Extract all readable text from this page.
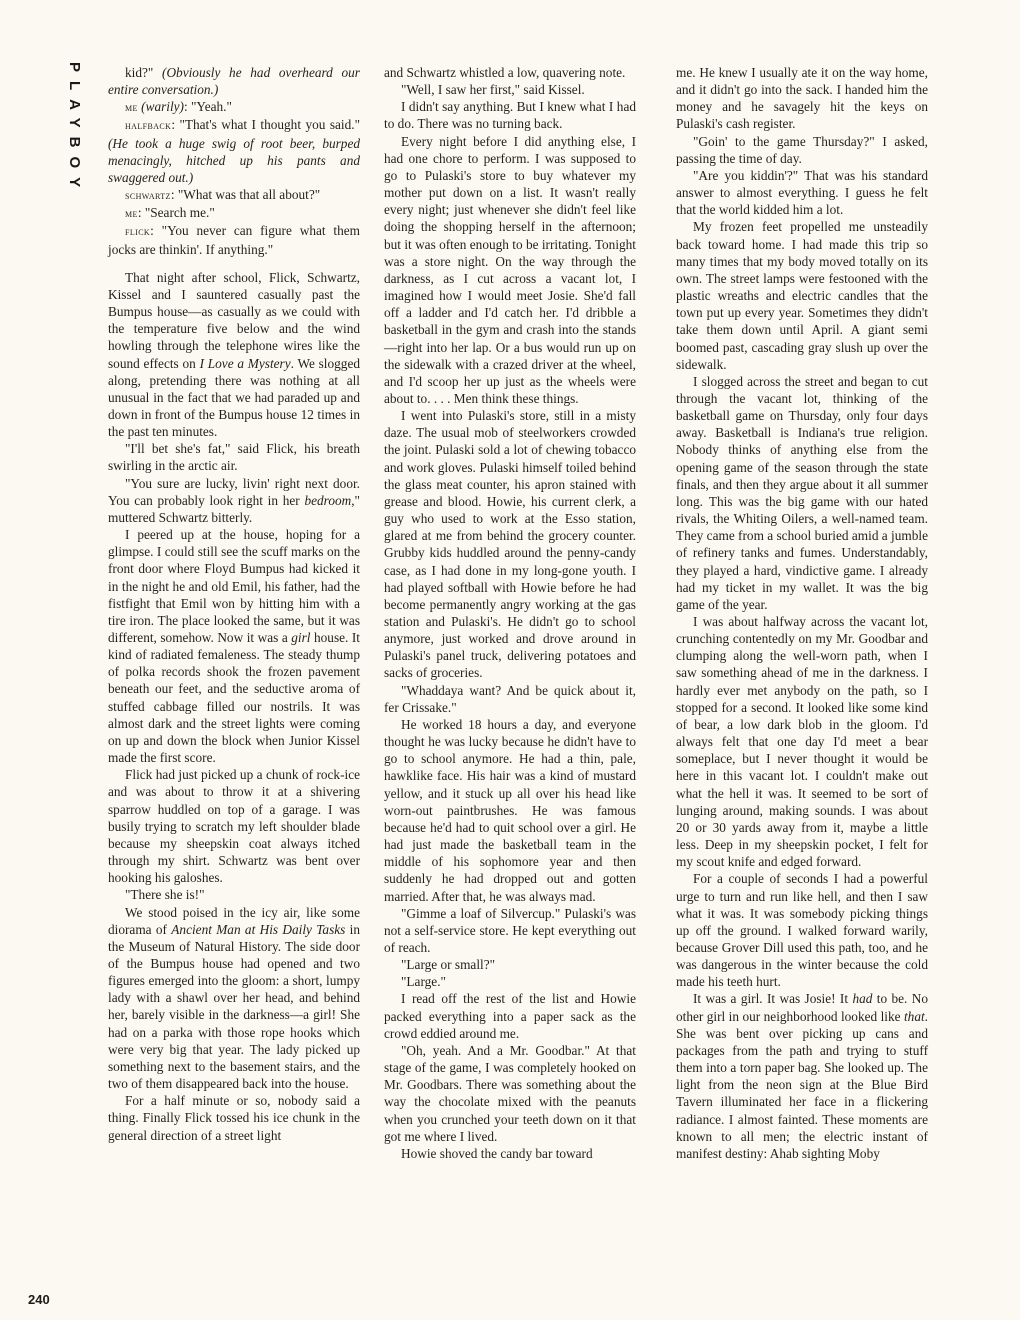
PLAYBOY
240

kid?" (Obviously he had overheard our entire conversation.)

me (warily): "Yeah."

halfback: "That's what I thought you said." (He took a huge swig of root beer, burped menacingly, hitched up his pants and swaggered out.)

schwartz: "What was that all about?"

me: "Search me."

flick: "You never can figure what them jocks are thinkin'. If anything."

That night after school, Flick, Schwartz, Kissel and I sauntered casually past the Bumpus house—as casually as we could with the temperature five below and the wind howling through the telephone wires like the sound effects on I Love a Mystery. We slogged along, pretending there was nothing at all unusual in the fact that we had paraded up and down in front of the Bumpus house 12 times in the past ten minutes.

"I'll bet she's fat," said Flick, his breath swirling in the arctic air.

"You sure are lucky, livin' right next door. You can probably look right in her bedroom," muttered Schwartz bitterly.

I peered up at the house, hoping for a glimpse. I could still see the scuff marks on the front door where Floyd Bumpus had kicked it in the night he and old Emil, his father, had the fistfight that Emil won by hitting him with a tire iron. The place looked the same, but it was different, somehow. Now it was a girl house. It kind of radiated femaleness. The steady thump of polka records shook the frozen pavement beneath our feet, and the seductive aroma of stuffed cabbage filled our nostrils. It was almost dark and the street lights were coming on up and down the block when Junior Kissel made the first score.

Flick had just picked up a chunk of rock-ice and was about to throw it at a shivering sparrow huddled on top of a garage. I was busily trying to scratch my left shoulder blade because my sheepskin coat always itched through my shirt. Schwartz was bent over hooking his galoshes.

"There she is!"

We stood poised in the icy air, like some diorama of Ancient Man at His Daily Tasks in the Museum of Natural History. The side door of the Bumpus house had opened and two figures emerged into the gloom: a short, lumpy lady with a shawl over her head, and behind her, barely visible in the darkness—a girl! She had on a parka with those rope hooks which were very big that year. The lady picked up something next to the basement stairs, and the two of them disappeared back into the house.

For a half minute or so, nobody said a thing. Finally Flick tossed his ice chunk in the general direction of a street light

and Schwartz whistled a low, quavering note.

"Well, I saw her first," said Kissel.

I didn't say anything. But I knew what I had to do. There was no turning back.

Every night before I did anything else, I had one chore to perform. I was supposed to go to Pulaski's store to buy whatever my mother put down on a list. It wasn't really every night; just whenever she didn't feel like doing the shopping herself in the afternoon; but it was often enough to be irritating. Tonight was a store night. On the way through the darkness, as I cut across a vacant lot, I imagined how I would meet Josie. She'd fall off a ladder and I'd catch her. I'd dribble a basketball in the gym and crash into the stands—right into her lap. Or a bus would run up on the sidewalk with a crazed driver at the wheel, and I'd scoop her up just as the wheels were about to. . . . Men think these things.

I went into Pulaski's store, still in a misty daze. The usual mob of steelworkers crowded the joint. Pulaski sold a lot of chewing tobacco and work gloves. Pulaski himself toiled behind the glass meat counter, his apron stained with grease and blood. Howie, his current clerk, a guy who used to work at the Esso station, glared at me from behind the grocery counter. Grubby kids huddled around the penny-candy case, as I had done in my long-gone youth. I had played softball with Howie before he had become permanently angry working at the gas station and Pulaski's. He didn't go to school anymore, just worked and drove around in Pulaski's panel truck, delivering potatoes and sacks of groceries.

"Whaddaya want? And be quick about it, fer Crissake."

He worked 18 hours a day, and everyone thought he was lucky because he didn't have to go to school anymore. He had a thin, pale, hawklike face. His hair was a kind of mustard yellow, and it stuck up all over his head like worn-out paintbrushes. He was famous because he'd had to quit school over a girl. He had just made the basketball team in the middle of his sophomore year and then suddenly he had dropped out and gotten married. After that, he was always mad.

"Gimme a loaf of Silvercup." Pulaski's was not a self-service store. He kept everything out of reach.

"Large or small?"

"Large."

I read off the rest of the list and Howie packed everything into a paper sack as the crowd eddied around me.

"Oh, yeah. And a Mr. Goodbar." At that stage of the game, I was completely hooked on Mr. Goodbars. There was something about the way the chocolate mixed with the peanuts when you crunched your teeth down on it that got me where I lived.

Howie shoved the candy bar toward

me. He knew I usually ate it on the way home, and it didn't go into the sack. I handed him the money and he savagely hit the keys on Pulaski's cash register.

"Goin' to the game Thursday?" I asked, passing the time of day.

"Are you kiddin'?" That was his standard answer to almost everything. I guess he felt that the world kidded him a lot.

My frozen feet propelled me unsteadily back toward home. I had made this trip so many times that my body moved totally on its own. The street lamps were festooned with the plastic wreaths and electric candles that the town put up every year. Sometimes they didn't take them down until April. A giant semi boomed past, cascading gray slush up over the sidewalk.

I slogged across the street and began to cut through the vacant lot, thinking of the basketball game on Thursday, only four days away. Basketball is Indiana's true religion. Nobody thinks of anything else from the opening game of the season through the state finals, and then they argue about it all summer long. This was the big game with our hated rivals, the Whiting Oilers, a well-named team. They came from a school buried amid a jumble of refinery tanks and fumes. Understandably, they played a hard, vindictive game. I already had my ticket in my wallet. It was the big game of the year.

I was about halfway across the vacant lot, crunching contentedly on my Mr. Goodbar and clumping along the well-worn path, when I saw something ahead of me in the darkness. I hardly ever met anybody on the path, so I stopped for a second. It looked like some kind of bear, a low dark blob in the gloom. I'd always felt that one day I'd meet a bear someplace, but I never thought it would be here in this vacant lot. I couldn't make out what the hell it was. It seemed to be sort of lunging around, making sounds. I was about 20 or 30 yards away from it, maybe a little less. Deep in my sheepskin pocket, I felt for my scout knife and edged forward.

For a couple of seconds I had a powerful urge to turn and run like hell, and then I saw what it was. It was somebody picking things up off the ground. I walked forward warily, because Grover Dill used this path, too, and he was dangerous in the winter because the cold made his teeth hurt.

It was a girl. It was Josie! It had to be. No other girl in our neighborhood looked like that. She was bent over picking up cans and packages from the path and trying to stuff them into a torn paper bag. She looked up. The light from the neon sign at the Blue Bird Tavern illuminated her face in a flickering radiance. I almost fainted. These moments are known to all men; the electric instant of manifest destiny: Ahab sighting Moby
